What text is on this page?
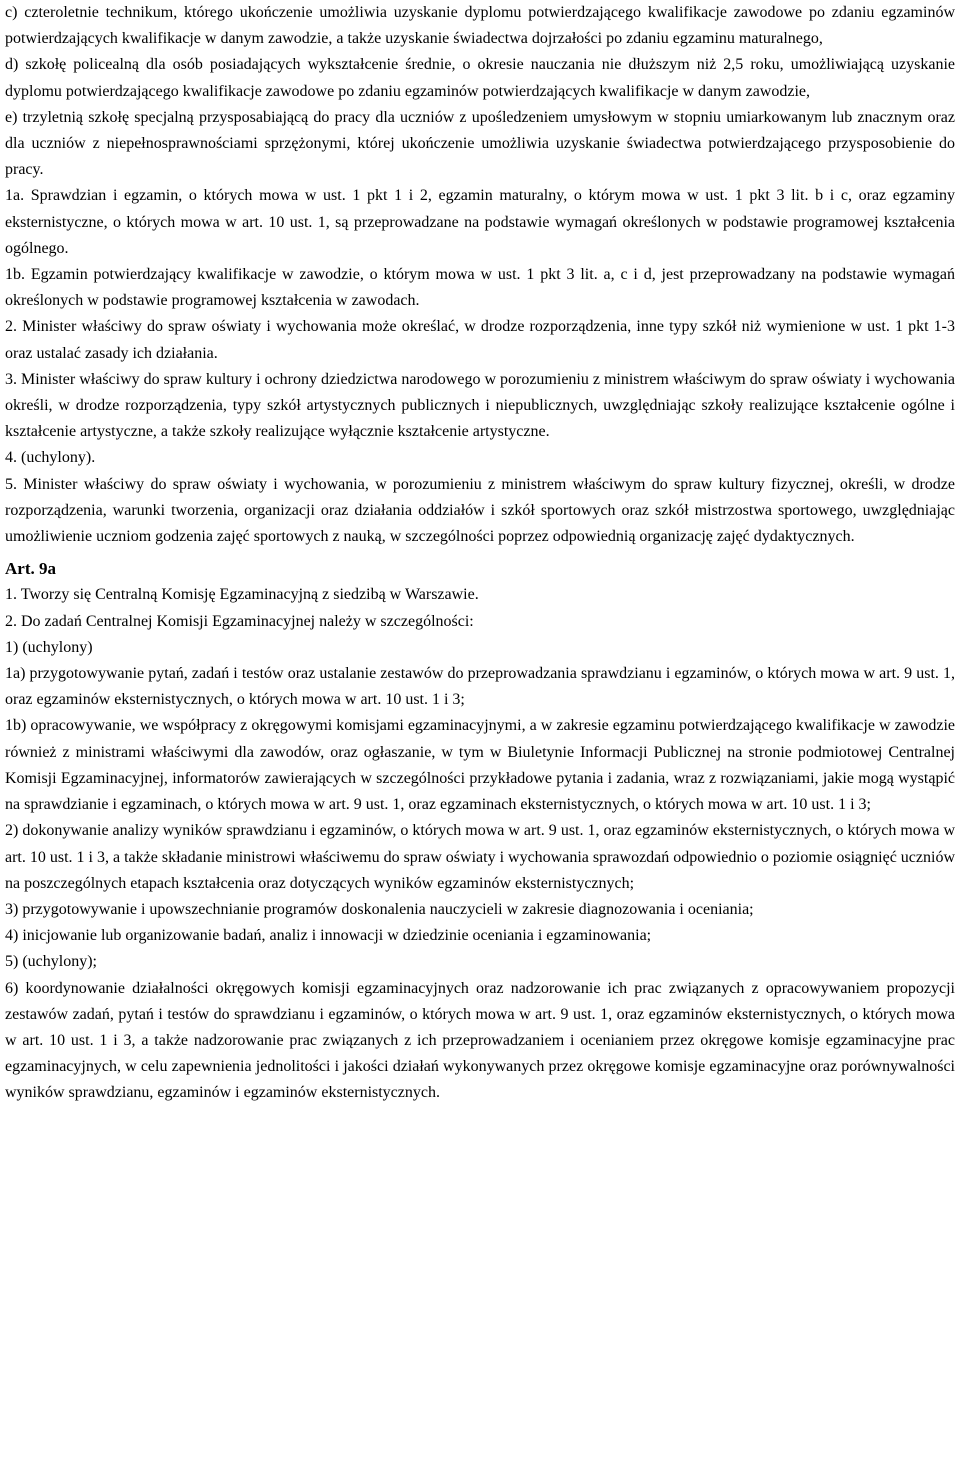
c) czteroletnie technikum, którego ukończenie umożliwia uzyskanie dyplomu potwierdzającego kwalifikacje zawodowe po zdaniu egzaminów potwierdzających kwalifikacje w danym zawodzie, a także uzyskanie świadectwa dojrzałości po zdaniu egzaminu maturalnego,

d) szkołę policealną dla osób posiadających wykształcenie średnie, o okresie nauczania nie dłuższym niż 2,5 roku, umożliwiającą uzyskanie dyplomu potwierdzającego kwalifikacje zawodowe po zdaniu egzaminów potwierdzających kwalifikacje w danym zawodzie,

e) trzyletnią szkołę specjalną przysposabiającą do pracy dla uczniów z upośledzeniem umysłowym w stopniu umiarkowanym lub znacznym oraz dla uczniów z niepełnosprawnościami sprzężonymi, której ukończenie umożliwia uzyskanie świadectwa potwierdzającego przysposobienie do pracy.

1a. Sprawdzian i egzamin, o których mowa w ust. 1 pkt 1 i 2, egzamin maturalny, o którym mowa w ust. 1 pkt 3 lit. b i c, oraz egzaminy eksternistyczne, o których mowa w art. 10 ust. 1, są przeprowadzane na podstawie wymagań określonych w podstawie programowej kształcenia ogólnego.

1b. Egzamin potwierdzający kwalifikacje w zawodzie, o którym mowa w ust. 1 pkt 3 lit. a, c i d, jest przeprowadzany na podstawie wymagań określonych w podstawie programowej kształcenia w zawodach.

2. Minister właściwy do spraw oświaty i wychowania może określać, w drodze rozporządzenia, inne typy szkół niż wymienione w ust. 1 pkt 1-3 oraz ustalać zasady ich działania.

3. Minister właściwy do spraw kultury i ochrony dziedzictwa narodowego w porozumieniu z ministrem właściwym do spraw oświaty i wychowania określi, w drodze rozporządzenia, typy szkół artystycznych publicznych i niepublicznych, uwzględniając szkoły realizujące kształcenie ogólne i kształcenie artystyczne, a także szkoły realizujące wyłącznie kształcenie artystyczne.

4. (uchylony).

5. Minister właściwy do spraw oświaty i wychowania, w porozumieniu z ministrem właściwym do spraw kultury fizycznej, określi, w drodze rozporządzenia, warunki tworzenia, organizacji oraz działania oddziałów i szkół sportowych oraz szkół mistrzostwa sportowego, uwzględniając umożliwienie uczniom godzenia zajęć sportowych z nauką, w szczególności poprzez odpowiednią organizację zajęć dydaktycznych.

Art. 9a

1. Tworzy się Centralną Komisję Egzaminacyjną z siedzibą w Warszawie.

2. Do zadań Centralnej Komisji Egzaminacyjnej należy w szczególności:

1) (uchylony)

1a) przygotowywanie pytań, zadań i testów oraz ustalanie zestawów do przeprowadzania sprawdzianu i egzaminów, o których mowa w art. 9 ust. 1, oraz egzaminów eksternistycznych, o których mowa w art. 10 ust. 1 i 3;

1b) opracowywanie, we współpracy z okręgowymi komisjami egzaminacyjnymi, a w zakresie egzaminu potwierdzającego kwalifikacje w zawodzie również z ministrami właściwymi dla zawodów, oraz ogłaszanie, w tym w Biuletynie Informacji Publicznej na stronie podmiotowej Centralnej Komisji Egzaminacyjnej, informatorów zawierających w szczególności przykładowe pytania i zadania, wraz z rozwiązaniami, jakie mogą wystąpić na sprawdzianie i egzaminach, o których mowa w art. 9 ust. 1, oraz egzaminach eksternistycznych, o których mowa w art. 10 ust. 1 i 3;

2) dokonywanie analizy wyników sprawdzianu i egzaminów, o których mowa w art. 9 ust. 1, oraz egzaminów eksternistycznych, o których mowa w art. 10 ust. 1 i 3, a także składanie ministrowi właściwemu do spraw oświaty i wychowania sprawozdań odpowiednio o poziomie osiągnięć uczniów na poszczególnych etapach kształcenia oraz dotyczących wyników egzaminów eksternistycznych;

3) przygotowywanie i upowszechnianie programów doskonalenia nauczycieli w zakresie diagnozowania i oceniania;

4) inicjowanie lub organizowanie badań, analiz i innowacji w dziedzinie oceniania i egzaminowania;

5) (uchylony);

6) koordynowanie działalności okręgowych komisji egzaminacyjnych oraz nadzorowanie ich prac związanych z opracowywaniem propozycji zestawów zadań, pytań i testów do sprawdzianu i egzaminów, o których mowa w art. 9 ust. 1, oraz egzaminów eksternistycznych, o których mowa w art. 10 ust. 1 i 3, a także nadzorowanie prac związanych z ich przeprowadzaniem i ocenianiem przez okręgowe komisje egzaminacyjne prac egzaminacyjnych, w celu zapewnienia jednolitości i jakości działań wykonywanych przez okręgowe komisje egzaminacyjne oraz porównywalności wyników sprawdzianu, egzaminów i egzaminów eksternistycznych.
